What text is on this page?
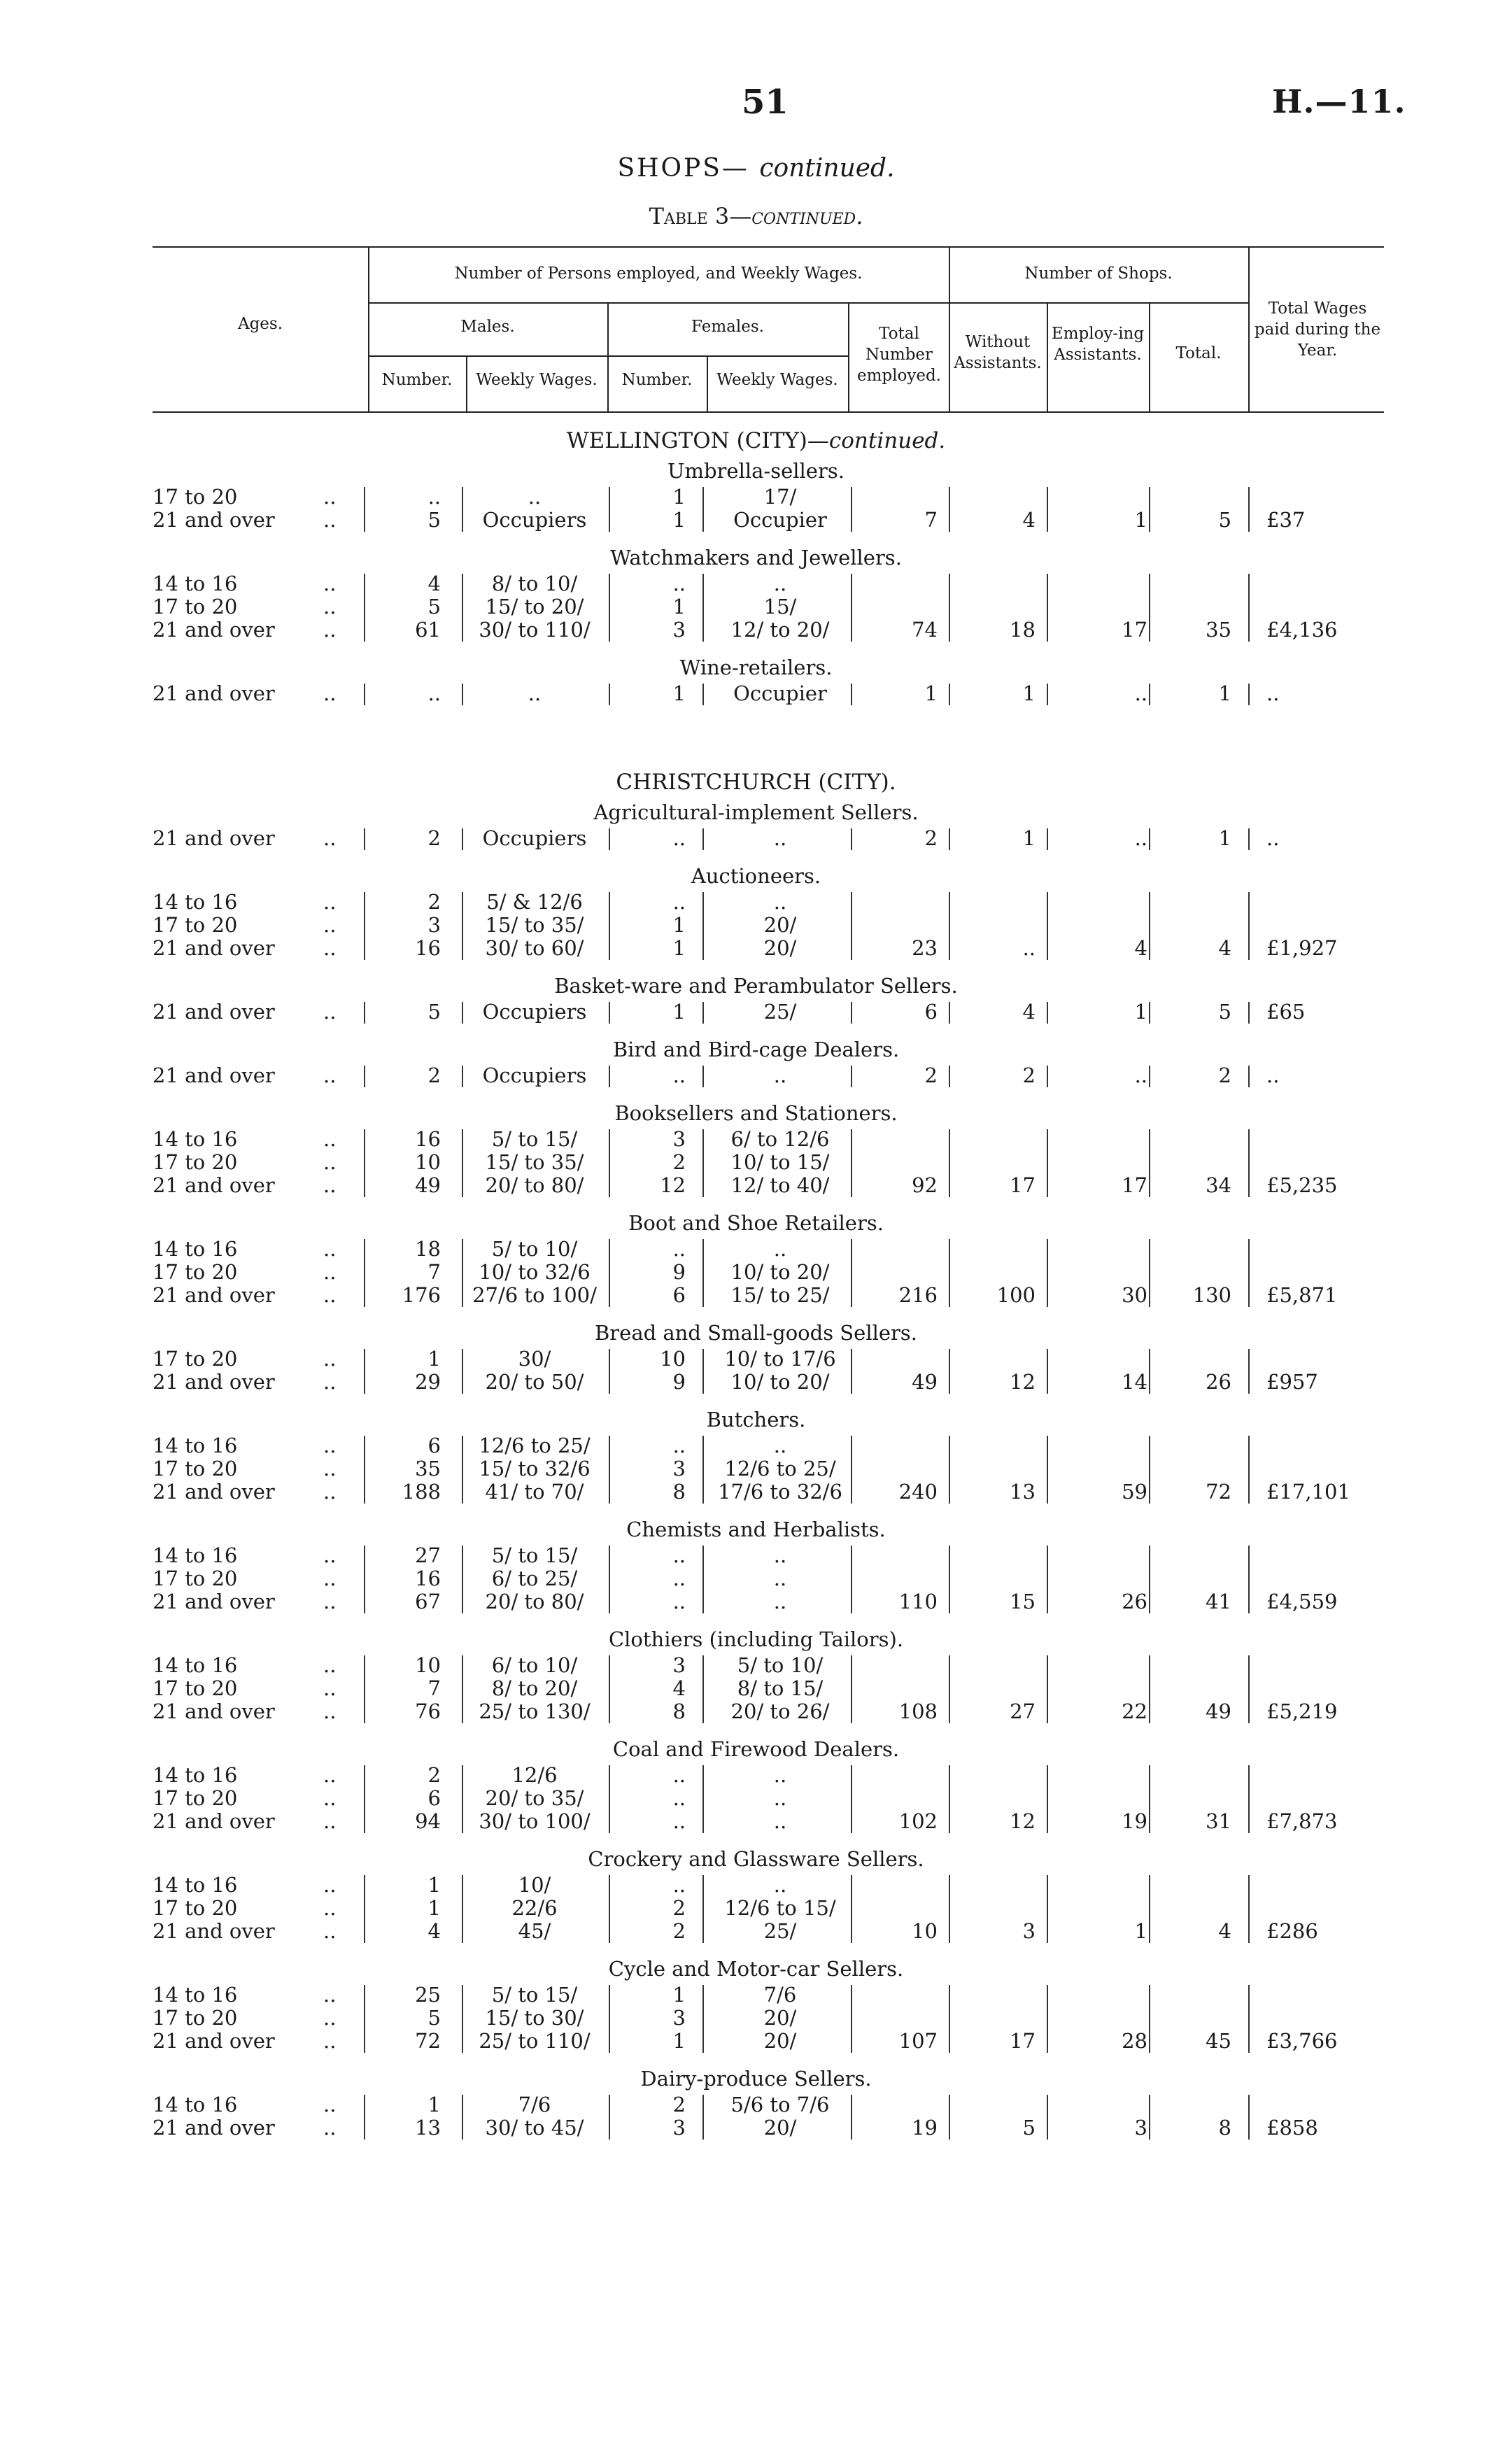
51	H.—11.
SHOPS— continued.
Table 3—continued.
Ages.
Number of Persons employed, and Weekly Wages.
Males.	Females.
Number.	Weekly Wages.	Number.	Weekly Wages.
Total Number employed.
Number of Shops.
Without Assistants.
Employ-ing Assistants.	Total.
Total Wages paid during the Year.
WELLINGTON (CITY)—continued.
Umbrella-sellers.
17 to 20	..	..	..	1	17/
21 and over ..	5	Occupiers	1	Occupier	7	4	1	5 £37
Watchmakers and Jewellers.
14 to 16	..	4	8/ to 10/	..	..
17 to 20	..	5	15/ to 20/	1	15/
21 and over ..	61	30/ to 110/	3	12/ to 20/	74	18	17	35 £4,136
Wine-retailers.
21 and over ..	..	..	1	Occupier	1	1	..	1 ..
CHRISTCHURCH (CITY).
Agricultural-implement Sellers.
21 and over ..	2	Occupiers	..	..	2	1	..	1 ..
Auctioneers.
14 to 16	..	2	5/ & 12/6	..	..
17 to 20	..	3	15/ to 35/	1	20/
21 and over ..	16	30/ to 60/	1	20/	23	..	4	4 £1,927
Basket-ware and Perambulator Sellers.
21 and over ..	5	Occupiers	1	25/	6	4	1	5 £65
Bird and Bird-cage Dealers.
21 and over ..	2	Occupiers	..	..	2	2	..	2 ..
Booksellers and Stationers.
14 to 16	..	16	5/ to 15/	3	6/ to 12/6
17 to 20	..	10	15/ to 35/	2	10/ to 15/
21 and over ..	49	20/ to 80/	12	12/ to 40/	92	17	17	34 £5,235
Boot and Shoe Retailers.
14 to 16	..	18	5/ to 10/	..	..
17 to 20	..	7	10/ to 32/6	9	10/ to 20/
21 and over ..	176	27/6 to 100/	6	15/ to 25/	216	100	30	130 £5,871
Bread and Small-goods Sellers.
17 to 20	..	1	30/	10	10/ to 17/6
21 and over ..	29	20/ to 50/	9	10/ to 20/	49	12	14	26 £957
Butchers.
14 to 16	..	6	12/6 to 25/	..	..
17 to 20	..	35	15/ to 32/6	3	12/6 to 25/
21 and over ..	188	41/ to 70/	8	17/6 to 32/6	240	13	59	72 £17,101
Chemists and Herbalists.
14 to 16	..	27	5/ to 15/	..	..
17 to 20	..	16	6/ to 25/	..	..
21 and over ..	67	20/ to 80/	..	..	110	15	26	41 £4,559
Clothiers (including Tailors).
14 to 16	..	10	6/ to 10/	3	5/ to 10/
17 to 20	..	7	8/ to 20/	4	8/ to 15/
21 and over ..	76	25/ to 130/	8	20/ to 26/	108	27	22	49 £5,219
Coal and Firewood Dealers.
14 to 16	..	2	12/6	..	..
17 to 20	..	6	20/ to 35/	..	..
21 and over ..	94	30/ to 100/	..	..	102	12	19	31 £7,873
Crockery and Glassware Sellers.
14 to 16	..	1	10/	..	..
17 to 20	..	1	22/6	2	12/6 to 15/
21 and over ..	4	45/	2	25/	10	3	1	4 £286
Cycle and Motor-car Sellers.
14 to 16	..	25	5/ to 15/	1	7/6
17 to 20	..	5	15/ to 30/	3	20/
21 and over ..	72	25/ to 110/	1	20/	107	17	28	45 £3,766
Dairy-produce Sellers.
14 to 16	..	1	7/6	2	5/6 to 7/6
21 and over ..	13	30/ to 45/	3	20/	19	5	3	8 £858
